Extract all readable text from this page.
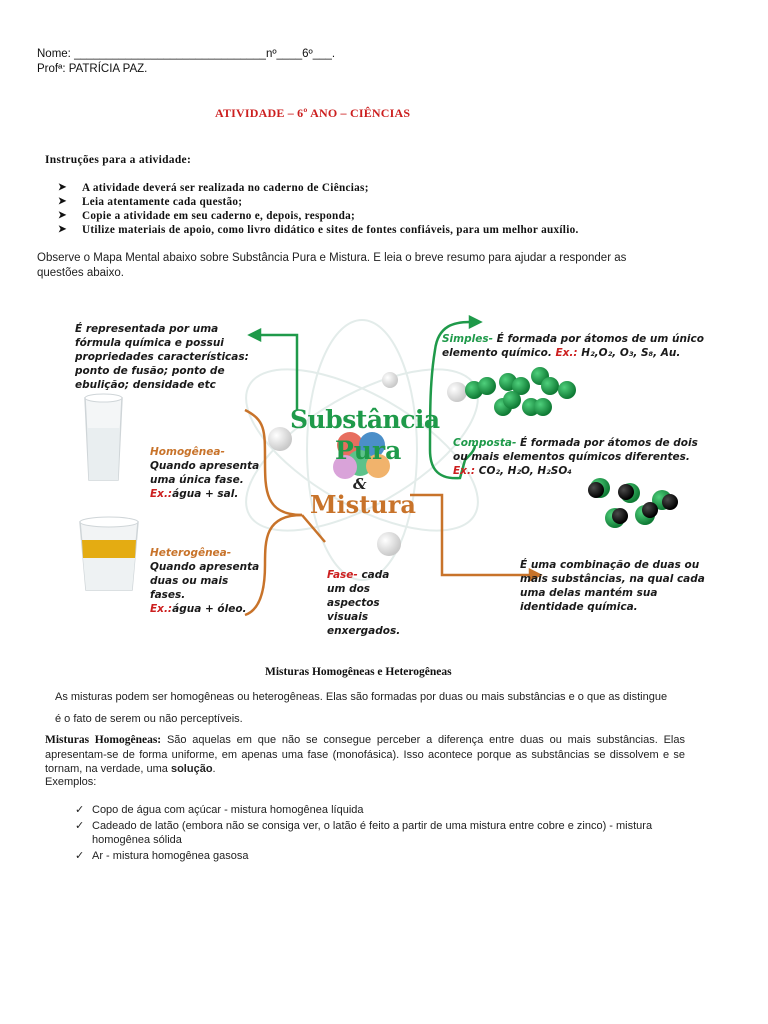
Nome: ______________________________nº____6º___.
Profª: PATRÍCIA PAZ.
ATIVIDADE – 6º ANO – CIÊNCIAS
Instruções para a atividade:
➤ A atividade deverá ser realizada no caderno de Ciências;
➤ Leia atentamente cada questão;
➤ Copie a atividade em seu caderno e, depois, responda;
➤ Utilize materiais de apoio, como livro didático e sites de fontes confiáveis, para um melhor auxílio.
Observe o Mapa Mental abaixo sobre Substância Pura e Mistura. E leia o breve resumo para ajudar a responder as questões abaixo.
Substância
Pura
&
Mistura
É representada por uma fórmula química e possui propriedades características: ponto de fusão; ponto de ebulição; densidade etc
Simples- É formada por átomos de um único elemento químico. Ex.: H₂,O₂, O₃, S₈, Au.
Composta- É formada por átomos de dois ou mais elementos químicos diferentes. Ex.: CO₂, H₂O, H₂SO₄
Homogênea-
Quando apresenta uma única fase.
Ex.:água + sal.
Heterogênea-
Quando apresenta duas ou mais fases.
Ex.:água + óleo.
Fase- cada um dos aspectos visuais enxergados.
É uma combinação de duas ou mais substâncias, na qual cada uma delas mantém sua identidade química.
Misturas Homogêneas e Heterogêneas
As misturas podem ser homogêneas ou heterogêneas. Elas são formadas por duas ou mais substâncias e o que as distingue
é o fato de serem ou não perceptíveis.
Misturas Homogêneas: São aquelas em que não se consegue perceber a diferença entre duas ou mais substâncias. Elas apresentam-se de forma uniforme, em apenas uma fase (monofásica). Isso acontece porque as substâncias se dissolvem e se tornam, na verdade, uma solução.
Exemplos:
✓ Copo de água com açúcar - mistura homogênea líquida
✓ Cadeado de latão (embora não se consiga ver, o latão é feito a partir de uma mistura entre cobre e zinco) - mistura homogênea sólida
✓ Ar - mistura homogênea gasosa
